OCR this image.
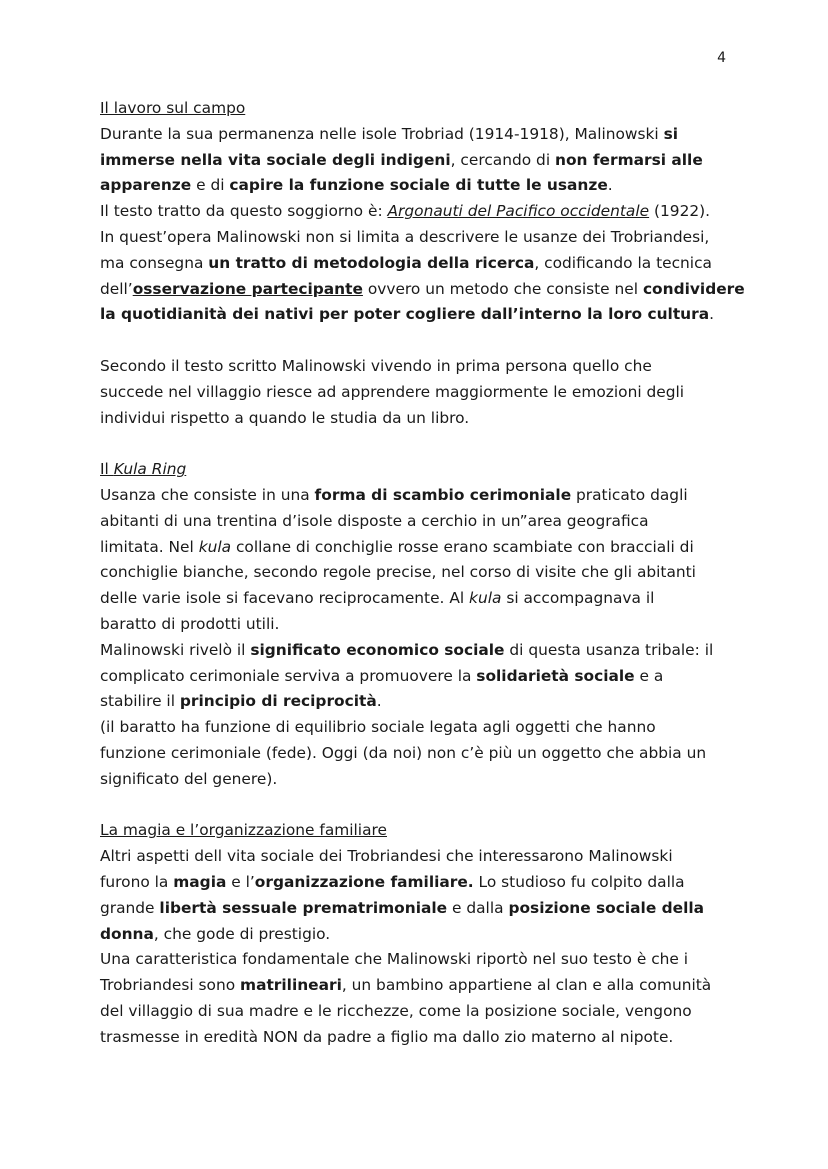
4

Il lavoro sul campo

Durante la sua permanenza nelle isole Trobriad (1914-1918), Malinowski si

immerse nella vita sociale degli indigeni, cercando di non fermarsi alle

apparenze e di capire la funzione sociale di tutte le usanze.

Il testo tratto da questo soggiorno è: Argonauti del Pacifico occidentale (1922).

In quest’opera Malinowski non si limita a descrivere le usanze dei Trobriandesi,

ma consegna un tratto di metodologia della ricerca, codificando la tecnica

dell’osservazione partecipante ovvero un metodo che consiste nel condividere

la quotidianità dei nativi per poter cogliere dall’interno la loro cultura.

Secondo il testo scritto Malinowski vivendo in prima persona quello che

succede nel villaggio riesce ad apprendere maggiormente le emozioni degli

individui rispetto a quando le studia da un libro.

Il Kula Ring

Usanza che consiste in una forma di scambio cerimoniale praticato dagli

abitanti di una trentina d’isole disposte a cerchio in un”area geografica

limitata. Nel kula collane di conchiglie rosse erano scambiate con bracciali di

conchiglie bianche, secondo regole precise, nel corso di visite che gli abitanti

delle varie isole si facevano reciprocamente. Al kula si accompagnava il

baratto di prodotti utili.

Malinowski rivelò il significato economico sociale di questa usanza tribale: il

complicato cerimoniale serviva a promuovere la solidarietà sociale e a

stabilire il principio di reciprocità.

(il baratto ha funzione di equilibrio sociale legata agli oggetti che hanno

funzione cerimoniale (fede). Oggi (da noi) non c’è più un oggetto che abbia un

significato del genere).

La magia e l’organizzazione familiare

Altri aspetti dell vita sociale dei Trobriandesi che interessarono Malinowski

furono la magia e l’organizzazione familiare. Lo studioso fu colpito dalla

grande libertà sessuale prematrimoniale e dalla posizione sociale della

donna, che gode di prestigio.

Una caratteristica fondamentale che Malinowski riportò nel suo testo è che i

Trobriandesi sono matrilineari, un bambino appartiene al clan e alla comunità

del villaggio di sua madre e le ricchezze, come la posizione sociale, vengono

trasmesse in eredità NON da padre a figlio ma dallo zio materno al nipote.
